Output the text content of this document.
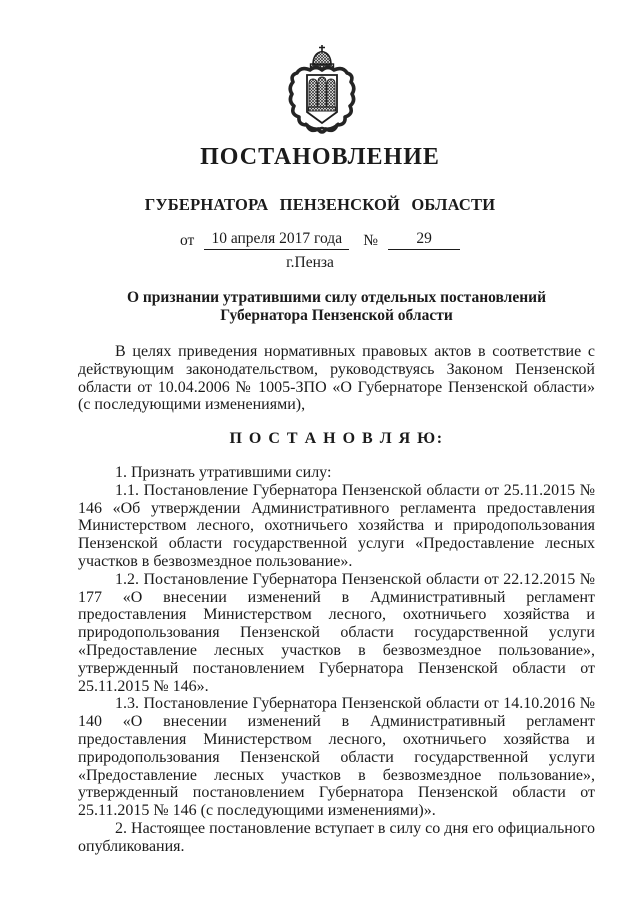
ПОСТАНОВЛЕНИЕ
ГУБЕРНАТОРА ПЕНЗЕНСКОЙ ОБЛАСТИ
от	10 апреля 2017 года	№	29
г.Пенза
О признании утратившими силу отдельных постановлений
Губернатора Пензенской области

В целях приведения нормативных правовых актов в соответствие с действующим законодательством, руководствуясь Законом Пензенской области от 10.04.2006 № 1005-ЗПО «О Губернаторе Пензенской области» (с последующими изменениями),

П О С Т А Н О В Л Я Ю:

1. Признать утратившими силу:

1.1. Постановление Губернатора Пензенской области от 25.11.2015 № 146 «Об утверждении Административного регламента предоставления Министерством лесного, охотничьего хозяйства и природопользования Пензенской области государственной услуги «Предоставление лесных участков в безвозмездное пользование».

1.2. Постановление Губернатора Пензенской области от 22.12.2015 № 177 «О внесении изменений в Административный регламент предоставления Министерством лесного, охотничьего хозяйства и природопользования Пензенской области государственной услуги «Предоставление лесных участков в безвозмездное пользование», утвержденный постановлением Губернатора Пензенской области от 25.11.2015 № 146».

1.3. Постановление Губернатора Пензенской области от 14.10.2016 № 140 «О внесении изменений в Административный регламент предоставления Министерством лесного, охотничьего хозяйства и природопользования Пензенской области государственной услуги «Предоставление лесных участков в безвозмездное пользование», утвержденный постановлением Губернатора Пензенской области от 25.11.2015 № 146 (с последующими изменениями)».

2. Настоящее постановление вступает в силу со дня его официального опубликования.
